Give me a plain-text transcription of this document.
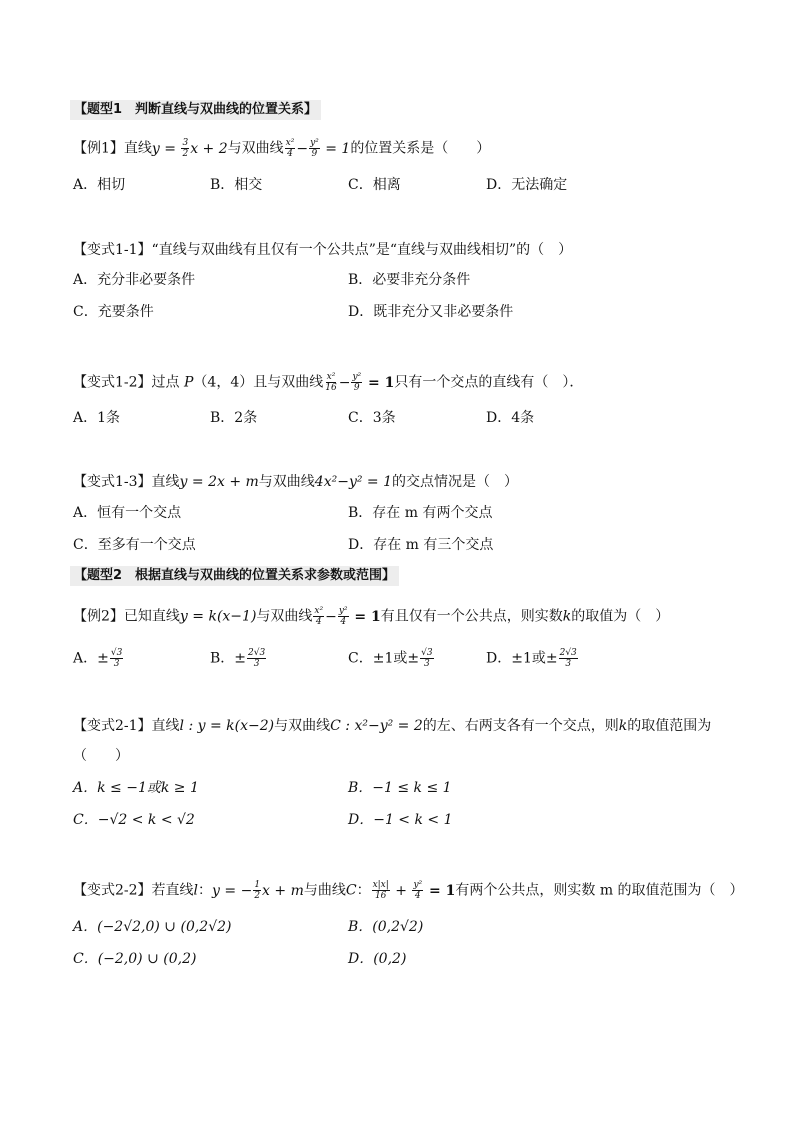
【题型1　判断直线与双曲线的位置关系】
【例1】直线$y = \frac{3}{2}$ x + 2与双曲线 $\frac{\text{x²}}{4} - \frac{\text{y²}}{9} = 1$的位置关系是（　　）
A．相切	B．相交	C．相离	D．无法确定
【变式1-1】“直线与双曲线有且仅有一个公共点”是“直线与双曲线相切”的（　）
A．充分非必要条件	B．必要非充分条件
C．充要条件	D．既非充分又非必要条件
【变式1-2】过点 P（4，4）且与双曲线 $\frac{\text{x²}}{16} - \frac{\text{y²}}{9} = 1$只有一个交点的直线有（　）．
A．1条	B．2条	C．3条	D．4条
【变式1-3】直线y = 2x + m与双曲线4x²−y² = 1的交点情况是（　）
A．恒有一个交点	B．存在 m 有两个交点
C．至多有一个交点	D．存在 m 有三个交点
【题型2　根据直线与双曲线的位置关系求参数或范围】
【例2】已知直线y = k(x−1)与双曲线 $\frac{\text{x²}}{4} - \frac{\text{y²}}{4} = 1$有且仅有一个公共点，则实数k的取值为（　）
A．± $\frac{√3}{3}$	B．± $\frac{2√3}{3}$	C．±1或± $\frac{√3}{3}$	D．±1或± $\frac{2√3}{3}$
【变式2-1】直线l : y = k(x−2)与双曲线C : x²−y² = 2的左、右两支各有一个交点，则k的取值范围为
（　　）
A．k ≤ −1或k ≥ 1	B．−1 ≤ k ≤ 1
C．−√2 < k < √2	D．−1 < k < 1
【变式2-2】若直线l：y = − $\frac{1}{2}$ x + m与曲线C： $\frac{x|x|}{16} + \frac{\text{y²}}{4} = 1$有两个公共点，则实数 m 的取值范围为（　）
A．(−2√2,0) ∪ (0,2√2)	B．(0,2√2)
C．(−2,0) ∪ (0,2)	D．(0,2)
